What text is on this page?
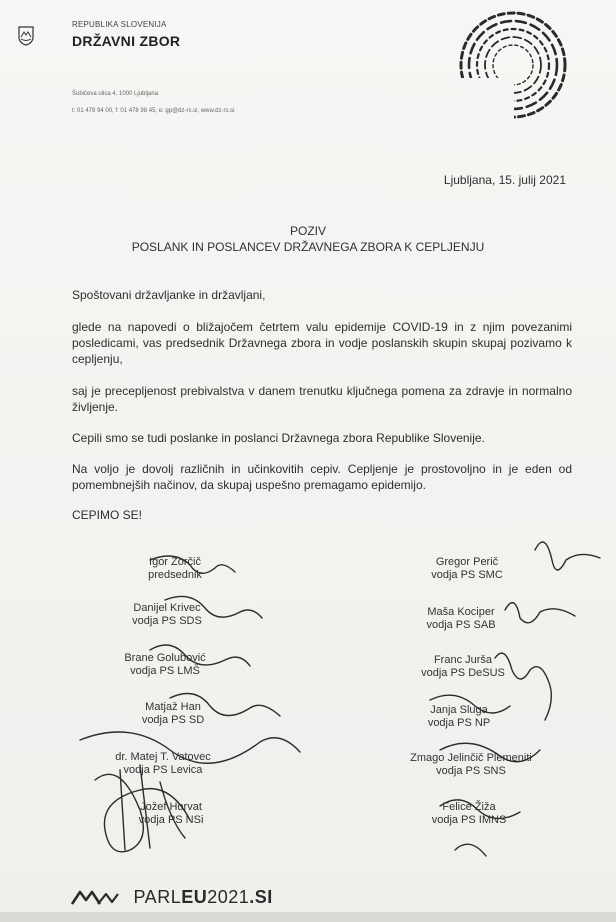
REPUBLIKA SLOVENIJA
DRŽAVNI ZBOR
Šubičeva ulica 4, 1000 Ljubljana
t: 01 478 94 00, f: 01 478 98 45, e: gp@dz-rs.si, www.dz-rs.si
Ljubljana, 15. julij 2021
POZIV
POSLANK IN POSLANCEV DRŽAVNEGA ZBORA K CEPLJENJU
Spoštovani državljanke in državljani,
glede na napovedi o bližajočem četrtem valu epidemije COVID-19 in z njim povezanimi posledicami, vas predsednik Državnega zbora in vodje poslanskih skupin skupaj pozivamo k cepljenju,
saj je precepljenost prebivalstva v danem trenutku ključnega pomena za zdravje in normalno življenje.
Cepili smo se tudi poslanke in poslanci Državnega zbora Republike Slovenije.
Na voljo je dovolj različnih in učinkovitih cepiv. Cepljenje je prostovoljno in je eden od pomembnejših načinov, da skupaj uspešno premagamo epidemijo.
CEPIMO SE!
Igor Zorčič
predsednik
Danijel Krivec
vodja PS SDS
Brane Golubović
vodja PS LMŠ
Matjaž Han
vodja PS SD
dr. Matej T. Vatovec
vodja PS Levica
Jožef Horvat
vodja PS NSi
Gregor Perič
vodja PS SMC
Maša Kociper
vodja PS SAB
Franc Jurša
vodja PS DeSUS
Janja Sluga
vodja PS NP
Zmago Jelinčič Plemeniti
vodja PS SNS
Felice Žiža
vodja PS IMNS
PARLEU2021.SI
